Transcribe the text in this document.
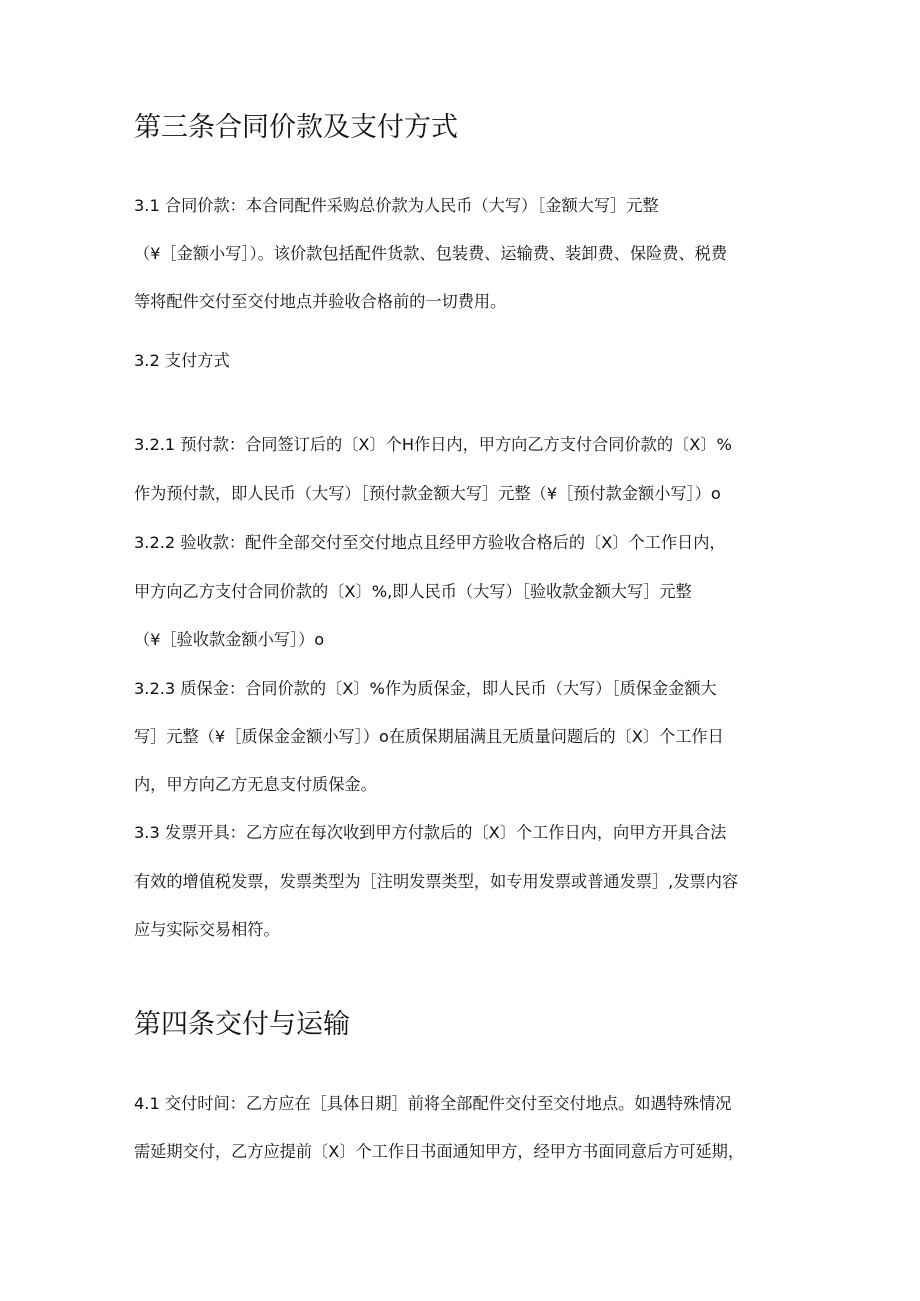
第三条合同价款及支付方式

3.1 合同价款：本合同配件采购总价款为人民币（大写）［金额大写］元整

（¥［金额小写］）。该价款包括配件货款、包装费、运输费、装卸费、保险费、税费

等将配件交付至交付地点并验收合格前的一切费用。

3.2 支付方式

3.2.1 预付款：合同签订后的〔X〕个H作日内，甲方向乙方支付合同价款的〔X〕%

作为预付款，即人民币（大写）［预付款金额大写］元整（¥［预付款金额小写］）o

3.2.2 验收款：配件全部交付至交付地点且经甲方验收合格后的〔X〕个工作日内，

甲方向乙方支付合同价款的〔X〕%,即人民币（大写）［验收款金额大写］元整

（¥［验收款金额小写］）o

3.2.3 质保金：合同价款的〔X〕%作为质保金，即人民币（大写）［质保金金额大

写］元整（¥［质保金金额小写］）o在质保期届满且无质量问题后的〔X〕个工作日

内，甲方向乙方无息支付质保金。

3.3 发票开具：乙方应在每次收到甲方付款后的〔X〕个工作日内，向甲方开具合法

有效的增值税发票，发票类型为［注明发票类型，如专用发票或普通发票］,发票内容

应与实际交易相符。

第四条交付与运输

4.1 交付时间：乙方应在［具体日期］前将全部配件交付至交付地点。如遇特殊情况

需延期交付，乙方应提前〔X〕个工作日书面通知甲方，经甲方书面同意后方可延期，
